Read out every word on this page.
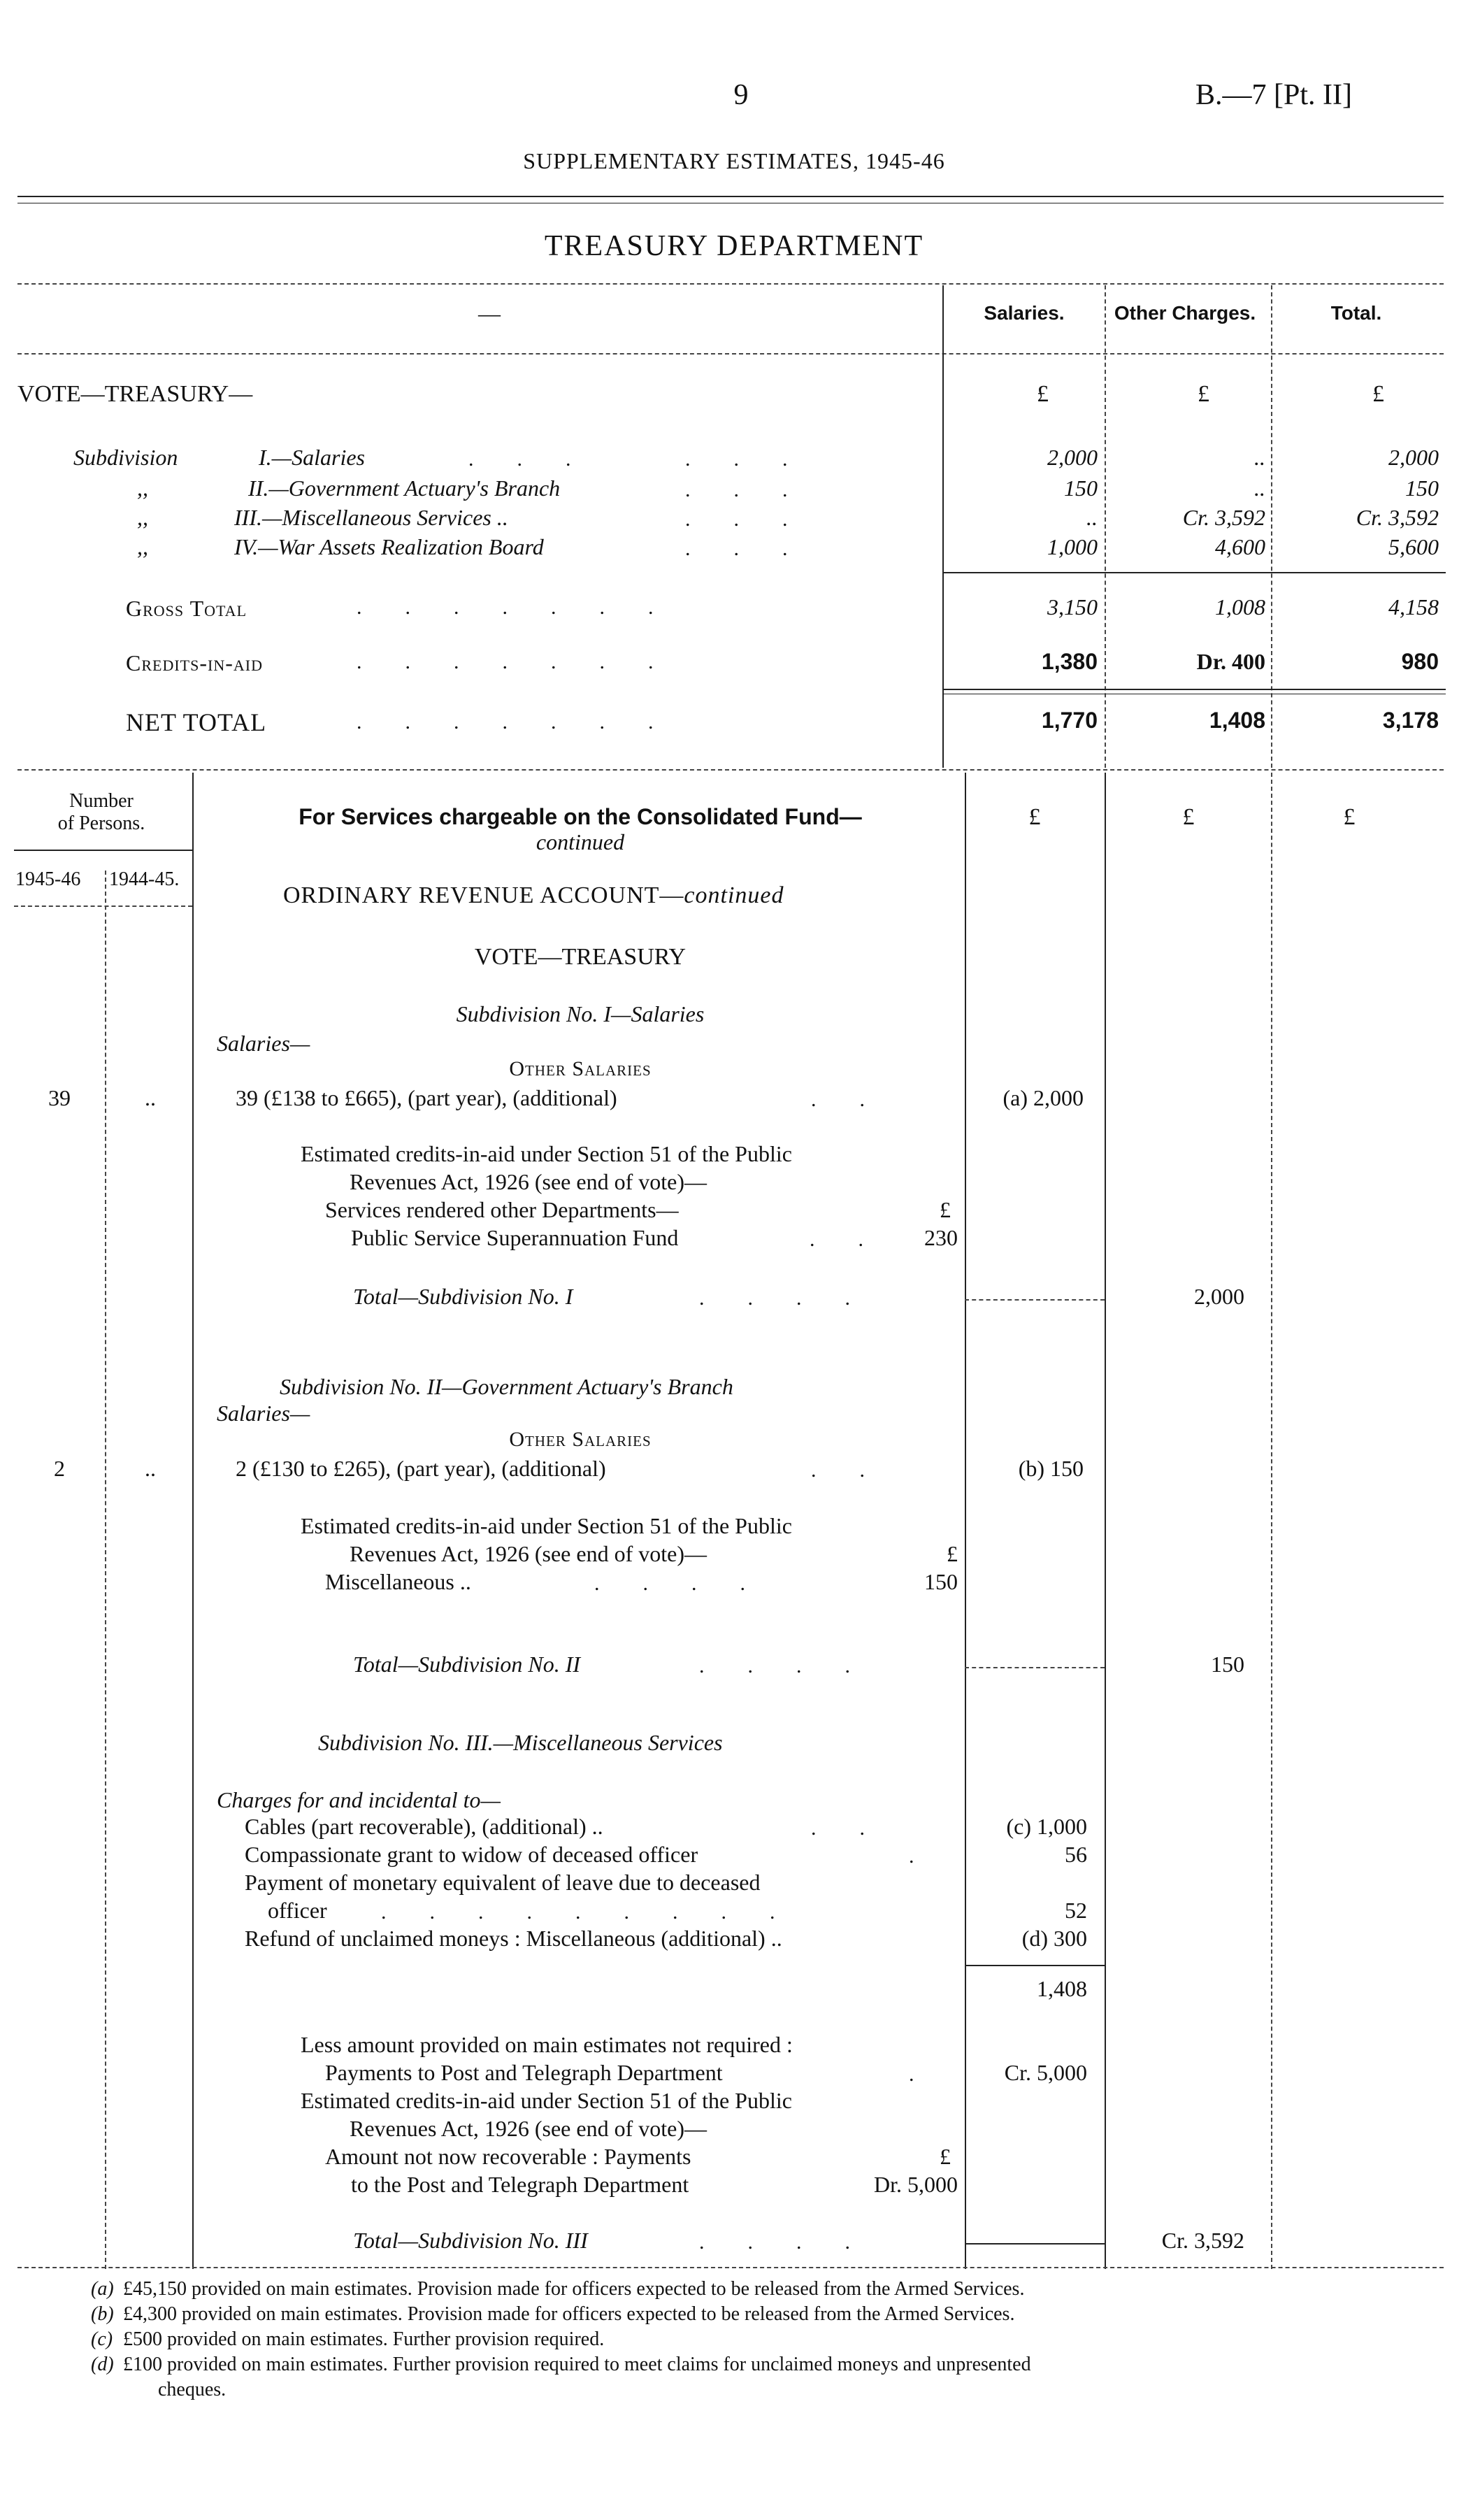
9	B.—7 [Pt. II]
SUPPLEMENTARY ESTIMATES, 1945-46
TREASURY DEPARTMENT
—	Salaries.	Other Charges.	Total.
VOTE—TREASURY—	£	£	£
Subdivision	I.—Salaries	2,000	..	2,000
,,	II.—Government Actuary's Branch	150	..	150
,,	III.—Miscellaneous Services ..	..	Cr. 3,592	Cr. 3,592
,,	IV.—War Assets Realization Board	1,000	4,600	5,600
...
...
...
...
...
Gross Total	.......	3,150	1,008	4,158
Credits-in-aid	.......	1,380	Dr. 400	980
NET TOTAL	.......	1,770	1,408	3,178
Number
of Persons.
1945-46 1944-45.
For Services chargeable on the Consolidated Fund—
continued
£	£	£
ORDINARY REVENUE ACCOUNT—continued
VOTE—TREASURY
Subdivision No. I—Salaries
Salaries—
Other Salaries
39	..	39 (£138 to £665), (part year), (additional)	..	(a) 2,000
Estimated credits-in-aid under Section 51 of the Public
Revenues Act, 1926 (see end of vote)—
Services rendered other Departments—	£
Public Service Superannuation Fund	.. 230
Total—Subdivision No. I	....	2,000
Subdivision No. II—Government Actuary's Branch
Salaries—
Other Salaries
2	..	2 (£130 to £265), (part year), (additional)	..	(b) 150
Estimated credits-in-aid under Section 51 of the Public
Revenues Act, 1926 (see end of vote)—	£
Miscellaneous ..	....	150
Total—Subdivision No. II	....	150
Subdivision No. III.—Miscellaneous Services
Charges for and incidental to—
Cables (part recoverable), (additional) ..	..	(c) 1,000
Compassionate grant to widow of deceased officer	.	56
Payment of monetary equivalent of leave due to deceased
officer	.........	52
Refund of unclaimed moneys : Miscellaneous (additional) ..	(d) 300
1,408
Less amount provided on main estimates not required :
Payments to Post and Telegraph Department	.	Cr. 5,000
Estimated credits-in-aid under Section 51 of the Public
Revenues Act, 1926 (see end of vote)—
Amount not now recoverable : Payments	£
to the Post and Telegraph Department	Dr. 5,000
Total—Subdivision No. III	....	Cr. 3,592
(a) £45,150 provided on main estimates. Provision made for officers expected to be released from the Armed Services.
(b) £4,300 provided on main estimates. Provision made for officers expected to be released from the Armed Services.
(c) £500 provided on main estimates. Further provision required.
(d) £100 provided on main estimates. Further provision required to meet claims for unclaimed moneys and unpresented
cheques.
